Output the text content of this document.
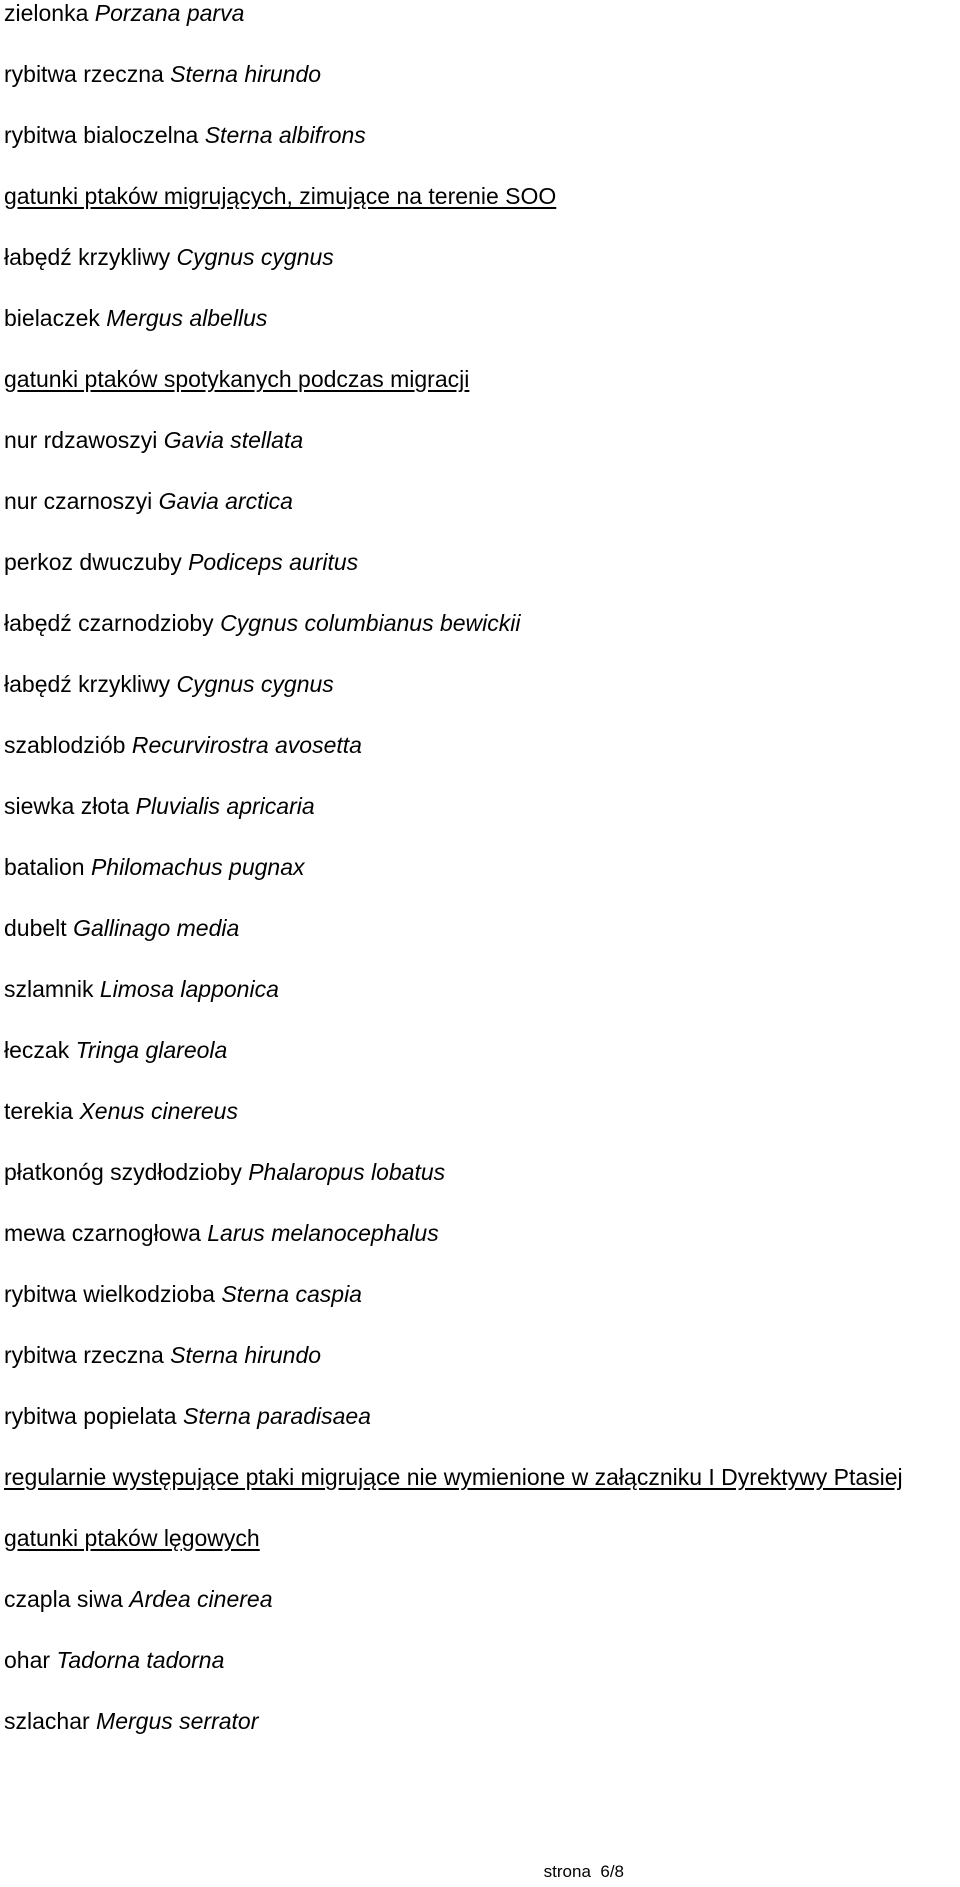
zielonka Porzana parva
rybitwa rzeczna Sterna hirundo
rybitwa bialoczelna Sterna albifrons
gatunki ptaków migrujących, zimujące na terenie SOO
łabędź krzykliwy Cygnus cygnus
bielaczek Mergus albellus
gatunki ptaków spotykanych podczas migracji
nur rdzawoszyi Gavia stellata
nur czarnoszyi Gavia arctica
perkoz dwuczuby Podiceps auritus
łabędź czarnodzioby Cygnus columbianus bewickii
łabędź krzykliwy Cygnus cygnus
szablodziób Recurvirostra avosetta
siewka złota Pluvialis apricaria
batalion Philomachus pugnax
dubelt Gallinago media
szlamnik Limosa lapponica
łeczak Tringa glareola
terekia Xenus cinereus
płatkonóg szydłodzioby Phalaropus lobatus
mewa czarnogłowa Larus melanocephalus
rybitwa wielkodzioba Sterna caspia
rybitwa rzeczna Sterna hirundo
rybitwa popielata Sterna paradisaea
regularnie występujące ptaki migrujące nie wymienione w załączniku I Dyrektywy Ptasiej
gatunki ptaków lęgowych
czapla siwa Ardea cinerea
ohar Tadorna tadorna
szlachar Mergus serrator
strona 6/8
